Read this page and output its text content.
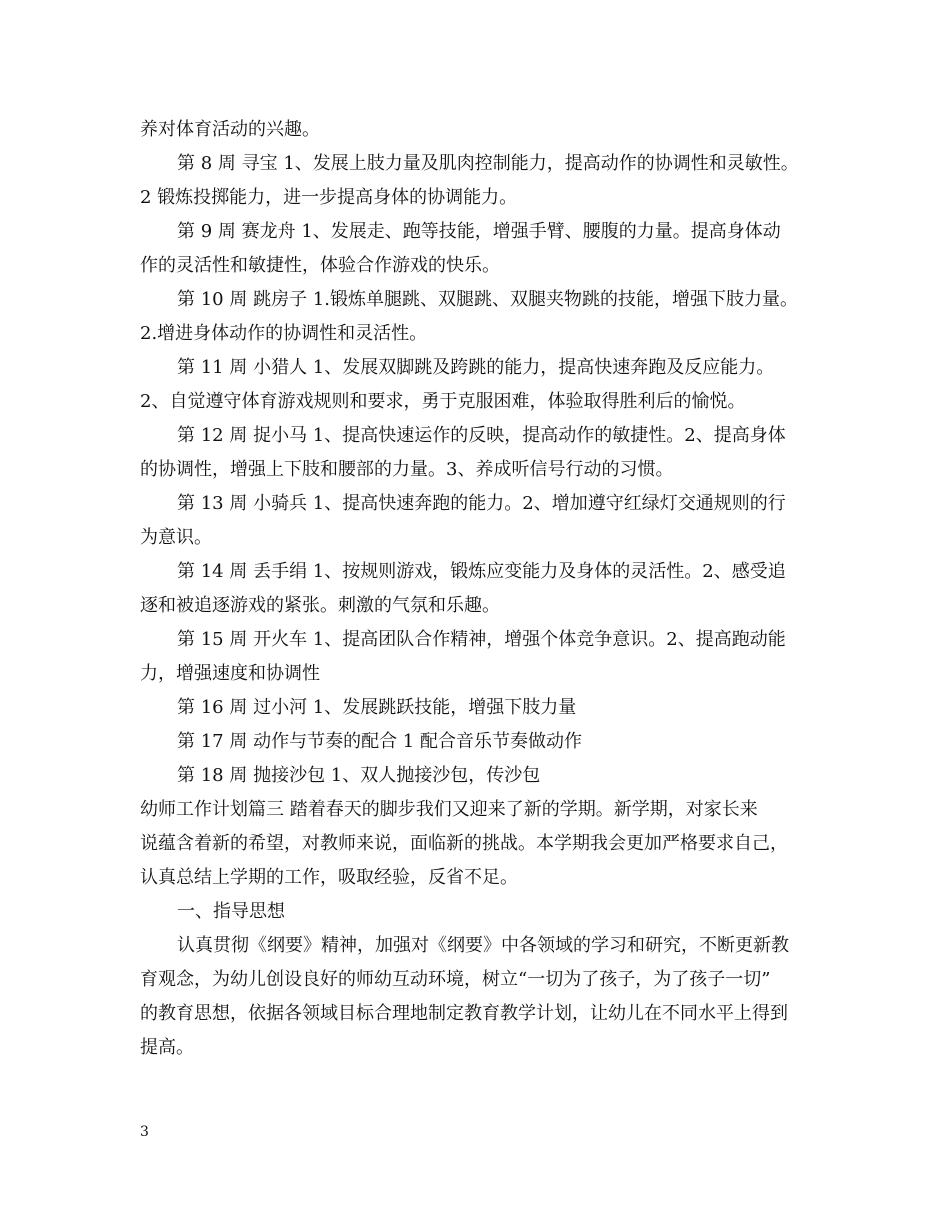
养对体育活动的兴趣。
第 8 周 寻宝 1、发展上肢力量及肌肉控制能力，提高动作的协调性和灵敏性。
2 锻炼投掷能力，进一步提高身体的协调能力。
第 9 周 赛龙舟 1、发展走、跑等技能，增强手臂、腰腹的力量。提高身体动
作的灵活性和敏捷性，体验合作游戏的快乐。
第 10 周 跳房子 1.锻炼单腿跳、双腿跳、双腿夹物跳的技能，增强下肢力量。
2.增进身体动作的协调性和灵活性。
第 11 周 小猎人 1、发展双脚跳及跨跳的能力，提高快速奔跑及反应能力。
2、自觉遵守体育游戏规则和要求，勇于克服困难，体验取得胜利后的愉悦。
第 12 周 捉小马 1、提高快速运作的反映，提高动作的敏捷性。2、提高身体
的协调性，增强上下肢和腰部的力量。3、养成听信号行动的习惯。
第 13 周 小骑兵 1、提高快速奔跑的能力。2、增加遵守红绿灯交通规则的行
为意识。
第 14 周 丢手绢 1、按规则游戏，锻炼应变能力及身体的灵活性。2、感受追
逐和被追逐游戏的紧张。刺激的气氛和乐趣。
第 15 周 开火车 1、提高团队合作精神，增强个体竞争意识。2、提高跑动能
力，增强速度和协调性
第 16 周 过小河 1、发展跳跃技能，增强下肢力量
第 17 周 动作与节奏的配合 1 配合音乐节奏做动作
第 18 周 抛接沙包 1、双人抛接沙包，传沙包
幼师工作计划篇三 踏着春天的脚步我们又迎来了新的学期。新学期，对家长来
说蕴含着新的希望，对教师来说，面临新的挑战。本学期我会更加严格要求自己，
认真总结上学期的工作，吸取经验，反省不足。
一、指导思想
认真贯彻《纲要》精神，加强对《纲要》中各领域的学习和研究，不断更新教
育观念，为幼儿创设良好的师幼互动环境，树立“一切为了孩子，为了孩子一切”
的教育思想，依据各领域目标合理地制定教育教学计划，让幼儿在不同水平上得到
提高。
3
